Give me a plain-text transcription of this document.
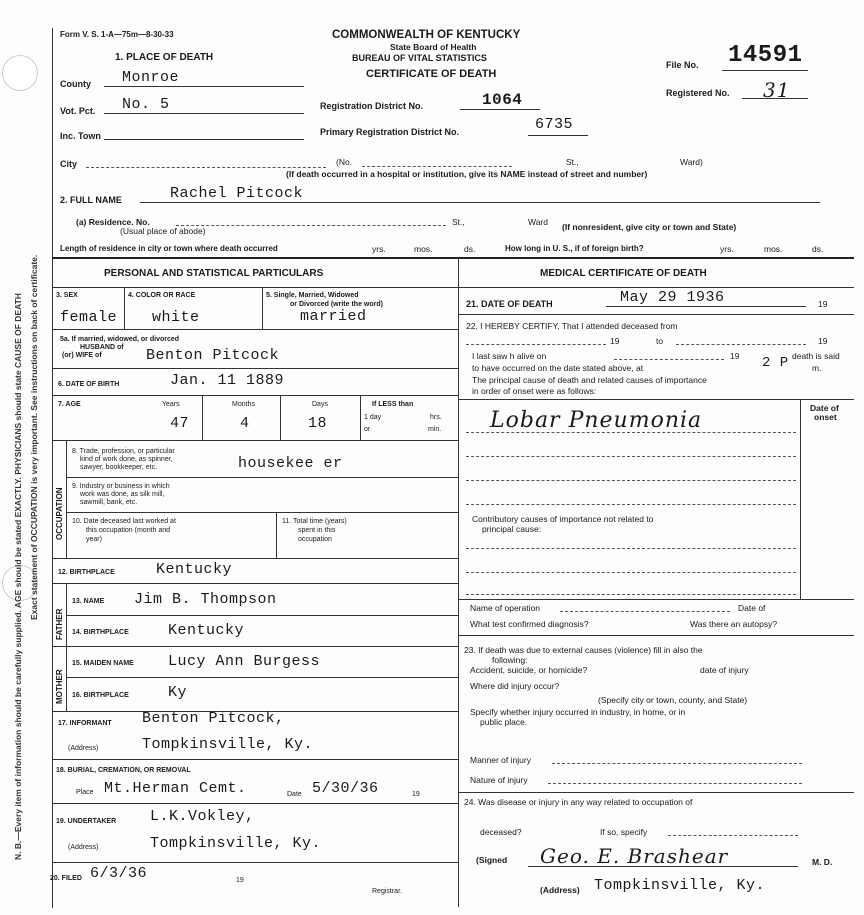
N. B.—Every item of information should be carefully supplied. AGE should be stated EXACTLY. PHYSICIANS should state CAUSE OF DEATH Exact statement of OCCUPATION is very important. See instructions on back of certificate.
Form V. S. 1-A—75m—8-30-33
1. PLACE OF DEATH
COMMONWEALTH OF KENTUCKY
State Board of Health
BUREAU OF VITAL STATISTICS
CERTIFICATE OF DEATH
File No. 14591
Registered No. 31
County Monroe
Vot. Pct. No. 5
Inc. Town
Registration District No.	1064
Primary Registration District No.	6735
City	(No.	St.,	Ward)
(If death occurred in a hospital or institution, give its NAME instead of street and number)
2. FULL NAME	Rachel Pitcock
(a) Residence. No.
(Usual place of abode)
St.,	Ward (If nonresident, give city or town and State)
Length of residence in city or town where death occurred	yrs.	mos.	ds.	How long in U. S., if of foreign birth?	yrs.	mos.	ds.
PERSONAL AND STATISTICAL PARTICULARS	MEDICAL CERTIFICATE OF DEATH
3. SEX
female
4. COLOR OR RACE
white
5. Single, Married, Widowed
or Divorced (write the word)
married
5a. If married, widowed, or divorced
HUSBAND of
(or) WIFE of	Benton Pitcock
6. DATE OF BIRTH	Jan. 11 1889
7. AGE	Years	Months	Days	If LESS than
1 day	hrs.
or	min.
47	4	18
OCCUPATION
8. Trade, profession, or particular
kind of work done, as spinner,
sawyer, bookkeeper, etc.	housekee er
9. Industry or business in which
work was done, as silk mill,
sawmill, bank, etc.
10. Date deceased last worked at
this occupation (month and
year)
11. Total time (years)
spent in this
occupation
12. BIRTHPLACE	Kentucky
FATHER
13. NAME Jim B. Thompson
14. BIRTHPLACE	Kentucky
MOTHER
15. MAIDEN NAME Lucy Ann Burgess
16. BIRTHPLACE	Ky
17. INFORMANT Benton Pitcock,
(Address)	Tompkinsville, Ky.
18. BURIAL, CREMATION, OR REMOVAL
Place Mt.Herman Cemt.	Date 5/30/36	19
19. UNDERTAKER L.K.Vokley,
(Address)	Tompkinsville, Ky.
20. FILED 6/3/36	19
Registrar.
21. DATE OF DEATH	May 29 1936	19
22. I HEREBY CERTIFY, That I attended deceased from
19	to	19
I last saw h alive on	19	death is said
to have occurred on the date stated above, at	2 P	m.
The principal cause of death and related causes of importance
in order of onset were as follows:
Date of
onset
Lobar Pneumonia
Contributory causes of importance not related to
principal cause:
Name of operation	Date of
What test confirmed diagnosis?	Was there an autopsy?
23. If death was due to external causes (violence) fill in also the
following:
Accident, suicide, or homicide?	date of injury
Where did injury occur?
(Specify city or town, county, and State)
Specify whether injury occurred in industry, in home, or in
public place.
Manner of injury
Nature of injury
24. Was disease or injury in any way related to occupation of
deceased?	If so, specify
(Signed Geo. E. Brashear	M. D.
(Address) Tompkinsville, Ky.
